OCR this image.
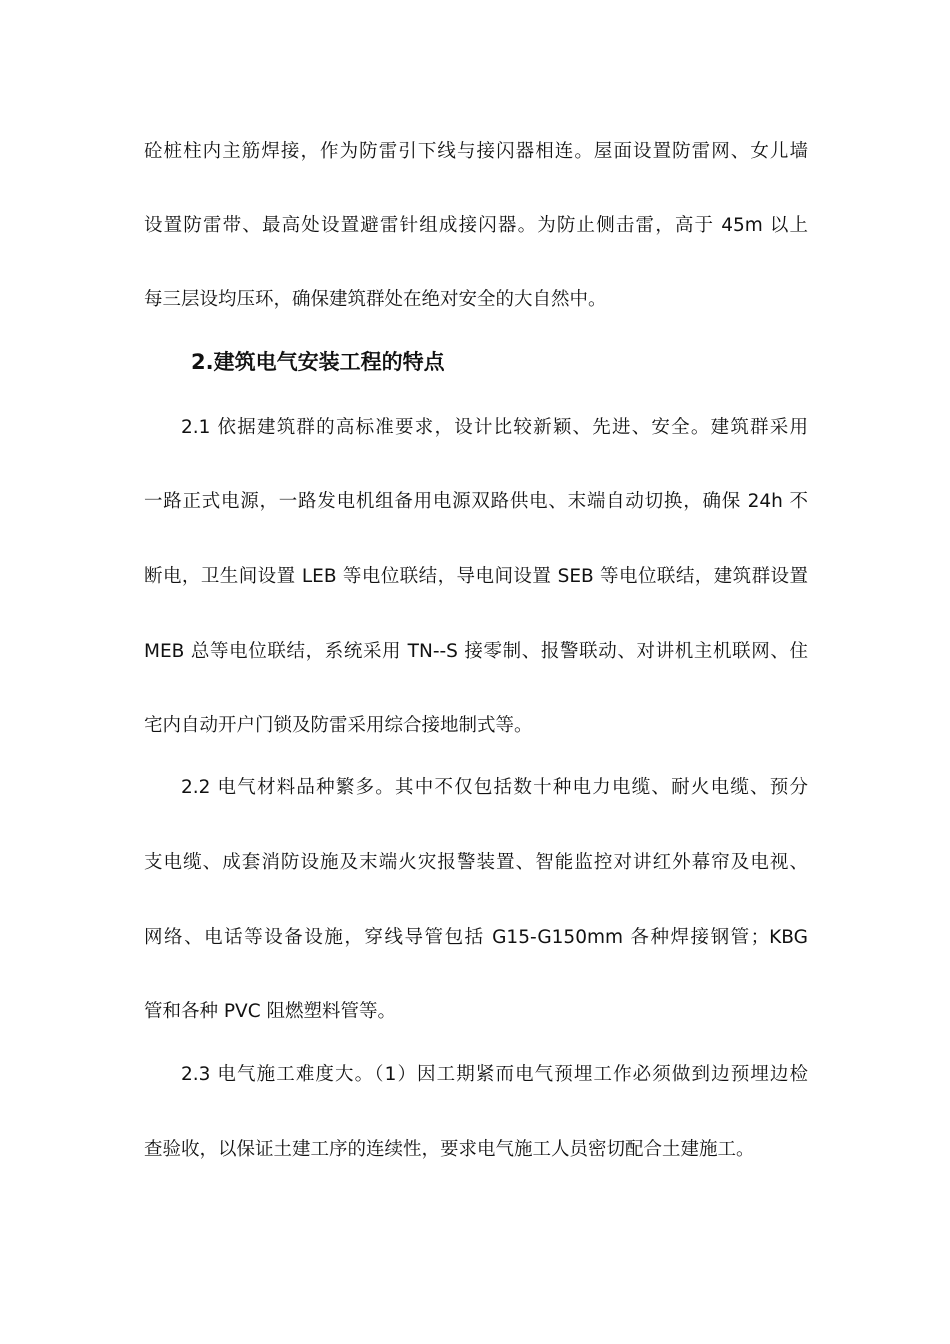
砼桩柱内主筋焊接，作为防雷引下线与接闪器相连。屋面设置防雷网、女儿墙
设置防雷带、最高处设置避雷针组成接闪器。为防止侧击雷，高于 45m 以上
每三层设均压环，确保建筑群处在绝对安全的大自然中。
2.建筑电气安装工程的特点
2.1 依据建筑群的高标准要求，设计比较新颖、先进、安全。建筑群采用
一路正式电源，一路发电机组备用电源双路供电、末端自动切换，确保 24h 不
断电，卫生间设置 LEB 等电位联结，导电间设置 SEB 等电位联结，建筑群设置
MEB 总等电位联结，系统采用 TN--S 接零制、报警联动、对讲机主机联网、住
宅内自动开户门锁及防雷采用综合接地制式等。
2.2 电气材料品种繁多。其中不仅包括数十种电力电缆、耐火电缆、预分
支电缆、成套消防设施及末端火灾报警装置、智能监控对讲红外幕帘及电视、
网络、电话等设备设施，穿线导管包括 G15-G150mm 各种焊接钢管；KBG
管和各种 PVC 阻燃塑料管等。
2.3 电气施工难度大。（1）因工期紧而电气预埋工作必须做到边预埋边检
查验收，以保证土建工序的连续性，要求电气施工人员密切配合土建施工。
